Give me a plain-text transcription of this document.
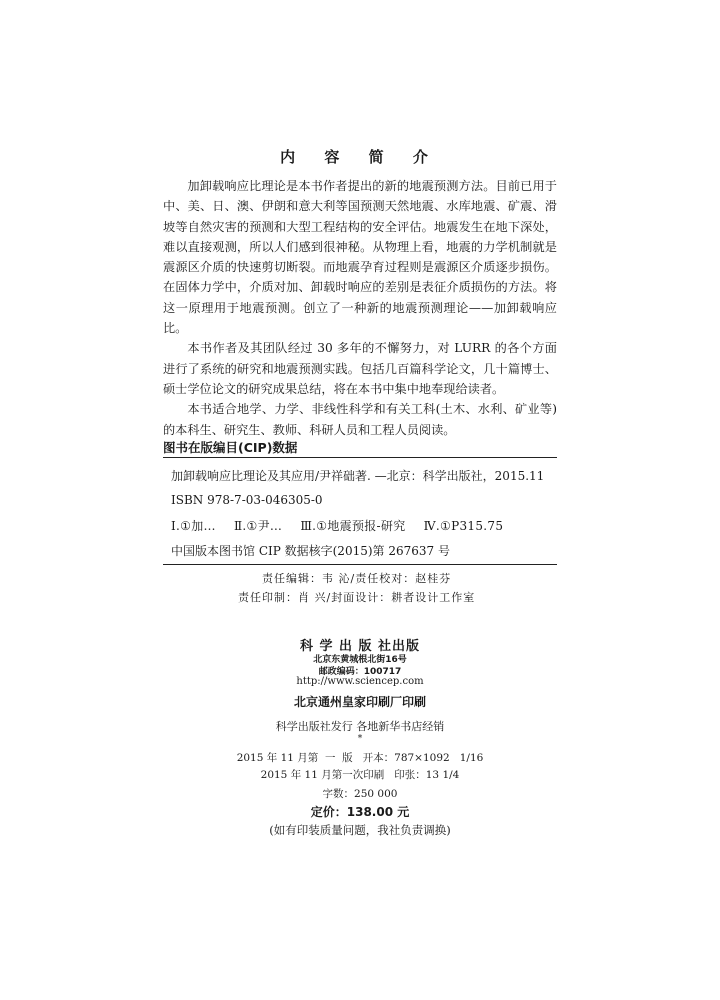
内 容 简 介

加卸载响应比理论是本书作者提出的新的地震预测方法。目前已用于中、美、日、澳、伊朗和意大利等国预测天然地震、水库地震、矿震、滑坡等自然灾害的预测和大型工程结构的安全评估。地震发生在地下深处，难以直接观测，所以人们感到很神秘。从物理上看，地震的力学机制就是震源区介质的快速剪切断裂。而地震孕育过程则是震源区介质逐步损伤。在固体力学中，介质对加、卸载时响应的差别是表征介质损伤的方法。将这一原理用于地震预测。创立了一种新的地震预测理论——加卸载响应比。

本书作者及其团队经过 30 多年的不懈努力，对 LURR 的各个方面进行了系统的研究和地震预测实践。包括几百篇科学论文，几十篇博士、硕士学位论文的研究成果总结，将在本书中集中地奉现给读者。

本书适合地学、力学、非线性科学和有关工科(土木、水利、矿业等)的本科生、研究生、教师、科研人员和工程人员阅读。

图书在版编目(CIP)数据
加卸载响应比理论及其应用/尹祥础著. —北京：科学出版社，2015.11
ISBN 978-7-03-046305-0
Ⅰ.①加… Ⅱ.①尹… Ⅲ.①地震预报-研究 Ⅳ.①P315.75
中国版本图书馆 CIP 数据核字(2015)第 267637 号
责任编辑：韦 沁/责任校对：赵桂芬
责任印制：肖 兴/封面设计：耕者设计工作室
科 学 出 版 社出版
北京东黄城根北街16号
邮政编码：100717
http://www.sciencep.com
北京通州皇家印刷厂印刷
科学出版社发行 各地新华书店经销
*
2015 年 11 月第  一  版   开本：787×1092   1/16
2015 年 11 月第一次印刷   印张：13 1/4
字数：250 000
定价：138.00 元
(如有印装质量问题，我社负责调换)
